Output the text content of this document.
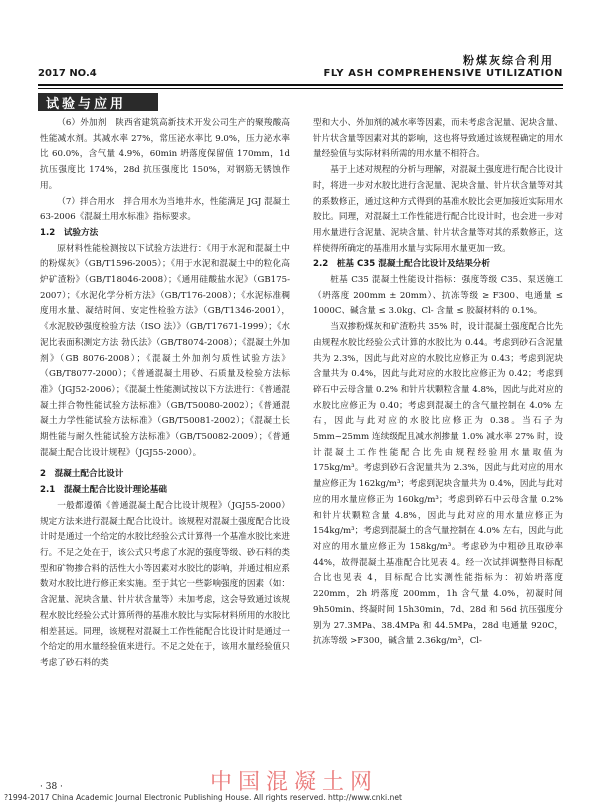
粉煤灰综合利用
2017 NO.4	FLY ASH COMPREHENSIVE UTILIZATION
试验与应用

（6）外加剂　陕西省建筑高新技术开发公司生产的聚羧酸高性能减水剂。其减水率 27%，常压泌水率比 9.0%，压力泌水率比 60.0%，含气量 4.9%，60min 坍落度保留值 170mm，1d 抗压强度比 174%，28d 抗压强度比 150%，对钢筋无锈蚀作用。

（7）拌合用水　拌合用水为当地井水，性能满足 JGJ 混凝土 63-2006《混凝土用水标准》指标要求。

1.2　试验方法

原材料性能检测按以下试验方法进行：《用于水泥和混凝土中的粉煤灰》（GB/T1596-2005）；《用于水泥和混凝土中的粒化高炉矿渣粉》（GB/T18046-2008）；《通用硅酸盐水泥》（GB175-2007）；《水泥化学分析方法》（GB/T176-2008）；《水泥标准稠度用水量、凝结时间、安定性检验方法》（GB/T1346-2001），《水泥胶砂强度检验方法（ISO 法）》（GB/T17671-1999）；《水泥比表面积测定方法 勃氏法》（GB/T8074-2008）；《混凝土外加剂》（GB 8076-2008）；《混凝土外加剂匀质性试验方法》（GB/T8077-2000）；《普通混凝土用砂、石质量及检验方法标准》（JGJ52-2006）；《混凝土性能测试按以下方法进行：《普通混凝土拌合物性能试验方法标准》（GB/T50080-2002）；《普通混凝土力学性能试验方法标准》（GB/T50081-2002）；《混凝土长期性能与耐久性能试验方法标准》（GB/T50082-2009）；《普通混凝土配合比设计规程》（JGJ55-2000）。

2　混凝土配合比设计

2.1　混凝土配合比设计理论基础

一般都遵循《普通混凝土配合比设计规程》（JGJ55-2000）规定方法来进行混凝土配合比设计。该规程对混凝土强度配合比设计时是通过一个给定的水胶比经验公式计算得一个基准水胶比来进行。不足之处在于，该公式只考虑了水泥的强度等级、砂石料的类型和矿物掺合料的活性大小等因素对水胶比的影响，并通过相应系数对水胶比进行修正来实施。至于其它一些影响强度的因素（如：含泥量、泥块含量、针片状含量等）未加考虑，这会导致通过该规程水胶比经验公式计算所得的基准水胶比与实际材料所用的水胶比相差甚远。同理，该规程对混凝土工作性能配合比设计时是通过一个给定的用水量经验值来进行。不足之处在于，该用水量经验值只考虑了砂石料的类

型和大小、外加剂的减水率等因素，而未考虑含泥量、泥块含量、针片状含量等因素对其的影响，这也将导致通过该规程确定的用水量经验值与实际材料所需的用水量不相符合。

基于上述对规程的分析与理解，对混凝土强度进行配合比设计时，将进一步对水胶比进行含泥量、泥块含量、针片状含量等对其的系数修正，通过这种方式得到的基准水胶比会更加接近实际用水胶比。同理，对混凝土工作性能进行配合比设计时，也会进一步对用水量进行含泥量、泥块含量、针片状含量等对其的系数修正，这样使得所确定的基准用水量与实际用水量更加一致。

2.2　桩基 C35 混凝土配合比设计及结果分析

桩基 C35 混凝土性能设计指标：强度等级 C35、泵送施工（坍落度 200mm ± 20mm）、抗冻等级 ≥ F300、电通量 ≤ 1000C、碱含量 ≤ 3.0kg、Cl- 含量 ≤ 胶凝材料的 0.1%。

当双掺粉煤灰和矿渣粉共 35% 时，设计混凝土强度配合比先由规程水胶比经验公式计算的水胶比为 0.44。考虑到砂石含泥量共为 2.3%，因此与此对应的水胶比应修正为 0.43；考虑到泥块含量共为 0.4%，因此与此对应的水胶比应修正为 0.42；考虑到碎石中云母含量 0.2% 和针片状颗粒含量 4.8%，因此与此对应的水胶比应修正为 0.40；考虑到混凝土的含气量控制在 4.0% 左右，因此与此对应的水胶比应修正为 0.38。当石子为 5mm~25mm 连续级配且减水剂掺量 1.0% 减水率 27% 时，设计混凝土工作性能配合比先由规程经验用水量取值为 175kg/m³。考虑到砂石含泥量共为 2.3%，因此与此对应的用水量应修正为 162kg/m³；考虑到泥块含量共为 0.4%，因此与此对应的用水量应修正为 160kg/m³；考虑到碎石中云母含量 0.2% 和针片状颗粒含量 4.8%，因此与此对应的用水量应修正为 154kg/m³；考虑到混凝土的含气量控制在 4.0% 左右，因此与此对应的用水量应修正为 158kg/m³。考虑砂为中粗砂且取砂率 44%，故得混凝土基准配合比见表 4。经一次试拌调整得目标配合比也见表 4，目标配合比实测性能指标为：初始坍落度 220mm，2h 坍落度 200mm，1h 含气量 4.0%，初凝时间 9h50min、终凝时间 15h30min，7d、28d 和 56d 抗压强度分别为 27.3MPa、38.4MPa 和 44.5MPa，28d 电通量 920C，抗冻等级 >F300，碱含量 2.36kg/m³，Cl-

· 38 ·	中国混凝土网
?1994-2017 China Academic Journal Electronic Publishing House. All rights reserved. http://www.cnki.net
